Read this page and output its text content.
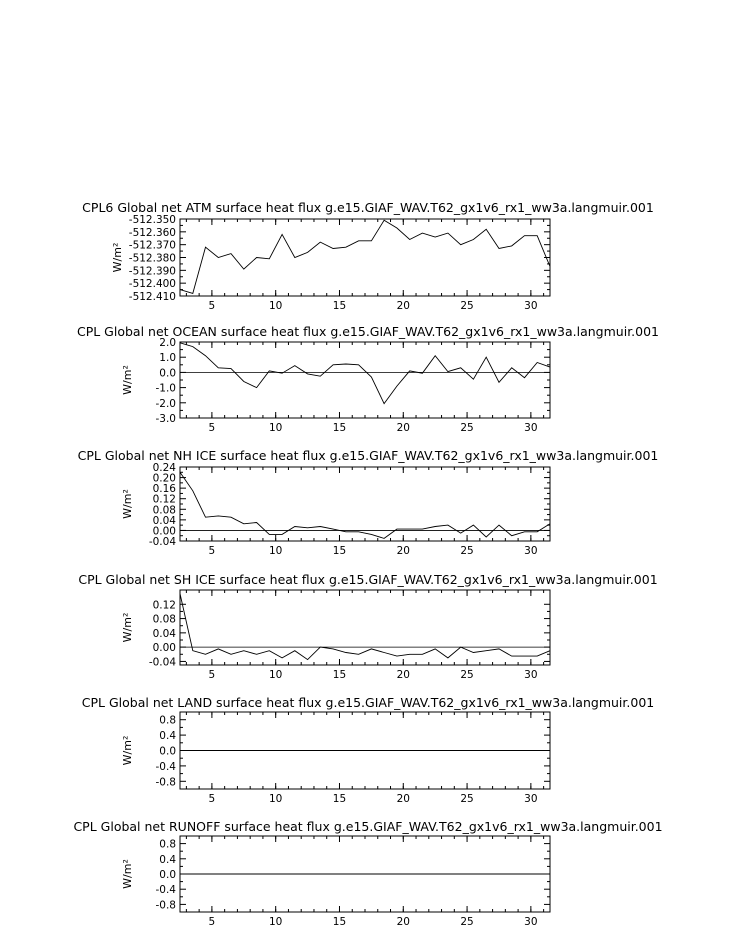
CPL6 Global net ATM surface heat flux g.e15.GIAF_WAV.T62_gx1v6_rx1_ww3a.langmuir.001
5	10	15	20	25	30
-512.410
-512.400
-512.390
-512.380
-512.370
-512.360
-512.350
W/m²
CPL Global net OCEAN surface heat flux g.e15.GIAF_WAV.T62_gx1v6_rx1_ww3a.langmuir.001
5	10	15	20	25	30
-3.0
-2.0
-1.0
0.0
1.0
2.0
W/m²
CPL Global net NH ICE surface heat flux g.e15.GIAF_WAV.T62_gx1v6_rx1_ww3a.langmuir.001
5	10	15	20	25	30
-0.04
0.00
0.04
0.08
0.12
0.16
0.20
0.24
W/m²
CPL Global net SH ICE surface heat flux g.e15.GIAF_WAV.T62_gx1v6_rx1_ww3a.langmuir.001
5	10	15	20	25	30
-0.04
0.00
0.04
0.08
0.12
W/m²
CPL Global net LAND surface heat flux g.e15.GIAF_WAV.T62_gx1v6_rx1_ww3a.langmuir.001
5	10	15	20	25	30
-0.8
-0.4
0.0
0.4
0.8
W/m²
CPL Global net RUNOFF surface heat flux g.e15.GIAF_WAV.T62_gx1v6_rx1_ww3a.langmuir.001
5	10	15	20	25	30
-0.8
-0.4
0.0
0.4
0.8
W/m²
